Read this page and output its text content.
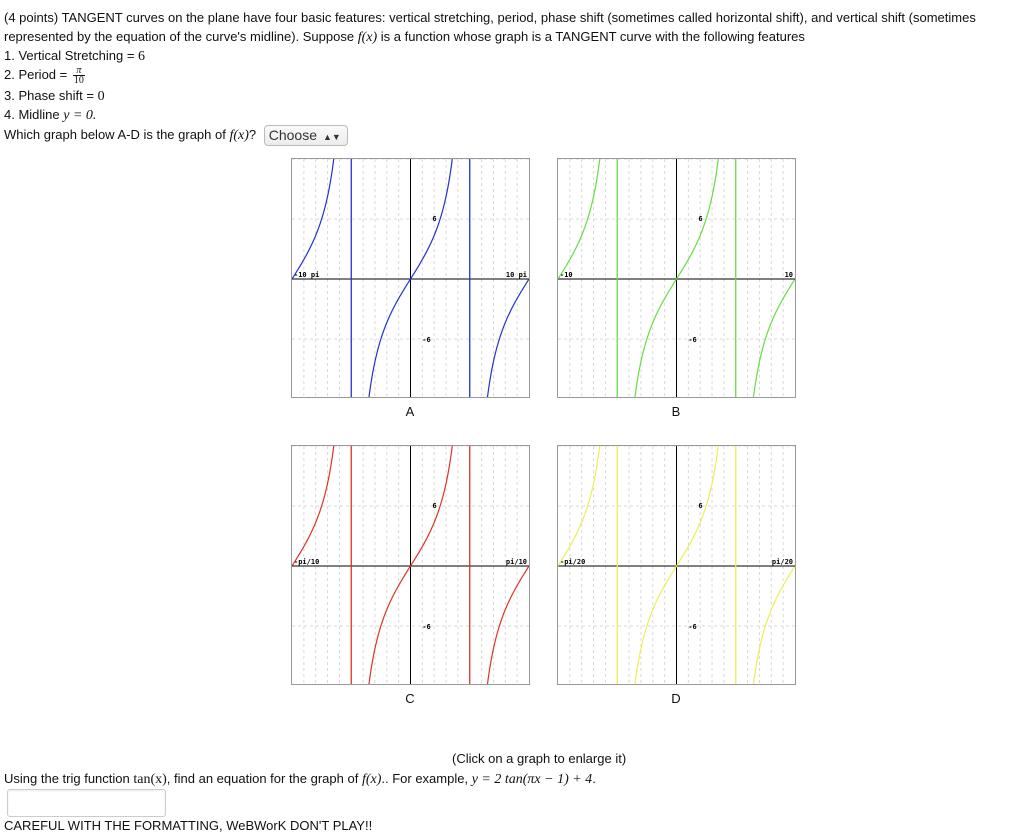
(4 points) TANGENT curves on the plane have four basic features: vertical stretching, period, phase shift (sometimes called horizontal shift), and vertical shift (sometimes
represented by the equation of the curve's midline). Suppose f(x) is a function whose graph is a TANGENT curve with the following features
1. Vertical Stretching = 6
2. Period = $\frac{\pi}{10}$
3. Phase shift = 0
4. Midline y = 0.
Which graph below A-D is the graph of f(x)? Choose ▲▼
-10 pi	10 pi
6
-6
A
-10	10
6
-6
B
-pi/10	pi/10
6
-6
C
-pi/20	pi/20
6
-6
D
(Click on a graph to enlarge it)
Using the trig function tan(x), find an equation for the graph of f(x).. For example, y = 2 tan(πx − 1) + 4.
CAREFUL WITH THE FORMATTING, WeBWorK DON'T PLAY!!
